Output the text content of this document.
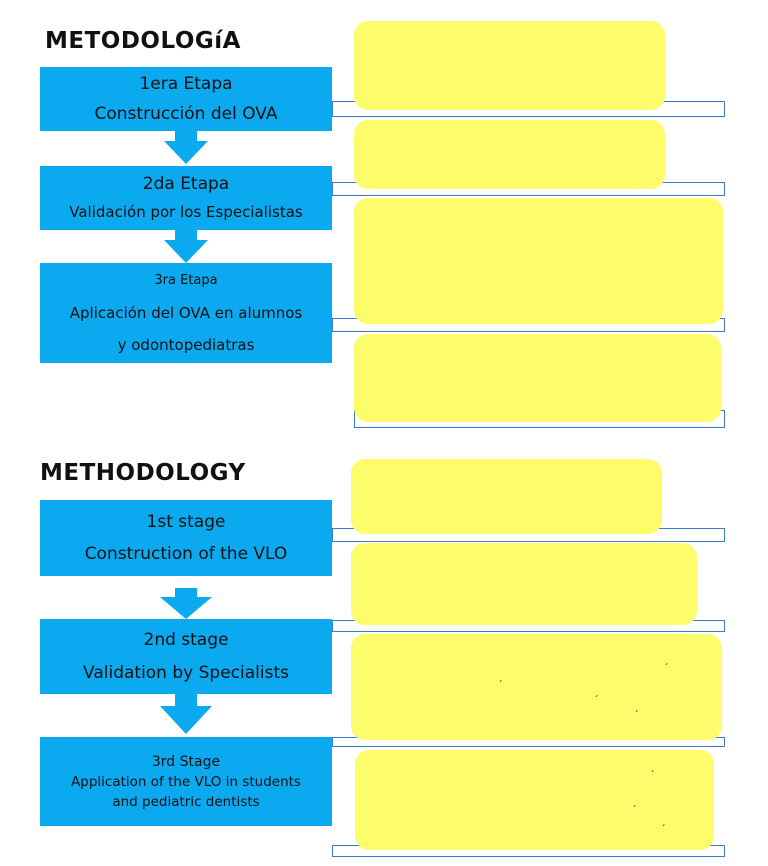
METODOLOGíA
1era Etapa
Construcción del OVA
2da Etapa
Validación por los Especialistas
3ra Etapa
Aplicación del OVA en alumnos
y odontopediatras
METHODOLOGY
1st stage
Construction of the VLO
2nd stage
Validation by Specialists
3rd Stage
Application of the VLO in students
and pediatric dentists
ˏ
ˏ
ˏ
ˏ
ˏ
ˏ
ˏ
